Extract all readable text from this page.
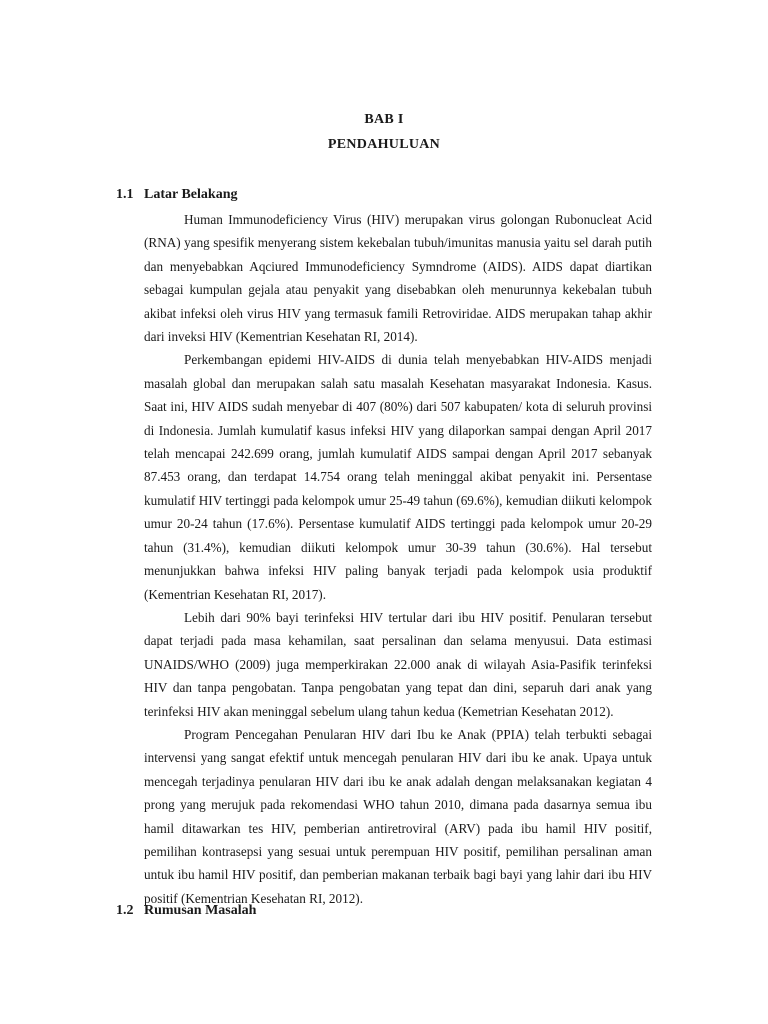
BAB I
PENDAHULUAN
1.1 Latar Belakang

Human Immunodeficiency Virus (HIV) merupakan virus golongan Rubonucleat Acid (RNA) yang spesifik menyerang sistem kekebalan tubuh/imunitas manusia yaitu sel darah putih dan menyebabkan Aqciured Immunodeficiency Symndrome (AIDS). AIDS dapat diartikan sebagai kumpulan gejala atau penyakit yang disebabkan oleh menurunnya kekebalan tubuh akibat infeksi oleh virus HIV yang termasuk famili Retroviridae. AIDS merupakan tahap akhir dari inveksi HIV (Kementrian Kesehatan RI, 2014).

Perkembangan epidemi HIV-AIDS di dunia telah menyebabkan HIV-AIDS menjadi masalah global dan merupakan salah satu masalah Kesehatan masyarakat Indonesia. Kasus. Saat ini, HIV AIDS sudah menyebar di 407 (80%) dari 507 kabupaten/ kota di seluruh provinsi di Indonesia. Jumlah kumulatif kasus infeksi HIV yang dilaporkan sampai dengan April 2017 telah mencapai 242.699 orang, jumlah kumulatif AIDS sampai dengan April 2017 sebanyak 87.453 orang, dan terdapat 14.754 orang telah meninggal akibat penyakit ini. Persentase kumulatif HIV tertinggi pada kelompok umur 25-49 tahun (69.6%), kemudian diikuti kelompok umur 20-24 tahun (17.6%). Persentase kumulatif AIDS tertinggi pada kelompok umur 20-29 tahun (31.4%), kemudian diikuti kelompok umur 30-39 tahun (30.6%). Hal tersebut menunjukkan bahwa infeksi HIV paling banyak terjadi pada kelompok usia produktif (Kementrian Kesehatan RI, 2017).

Lebih dari 90% bayi terinfeksi HIV tertular dari ibu HIV positif. Penularan tersebut dapat terjadi pada masa kehamilan, saat persalinan dan selama menyusui. Data estimasi UNAIDS/WHO (2009) juga memperkirakan 22.000 anak di wilayah Asia-Pasifik terinfeksi HIV dan tanpa pengobatan. Tanpa pengobatan yang tepat dan dini, separuh dari anak yang terinfeksi HIV akan meninggal sebelum ulang tahun kedua (Kemetrian Kesehatan 2012).

Program Pencegahan Penularan HIV dari Ibu ke Anak (PPIA) telah terbukti sebagai intervensi yang sangat efektif untuk mencegah penularan HIV dari ibu ke anak. Upaya untuk mencegah terjadinya penularan HIV dari ibu ke anak adalah dengan melaksanakan kegiatan 4 prong yang merujuk pada rekomendasi WHO tahun 2010, dimana pada dasarnya semua ibu hamil ditawarkan tes HIV, pemberian antiretroviral (ARV) pada ibu hamil HIV positif, pemilihan kontrasepsi yang sesuai untuk perempuan HIV positif, pemilihan persalinan aman untuk ibu hamil HIV positif, dan pemberian makanan terbaik bagi bayi yang lahir dari ibu HIV positif (Kementrian Kesehatan RI, 2012).

1.2 Rumusan Masalah
